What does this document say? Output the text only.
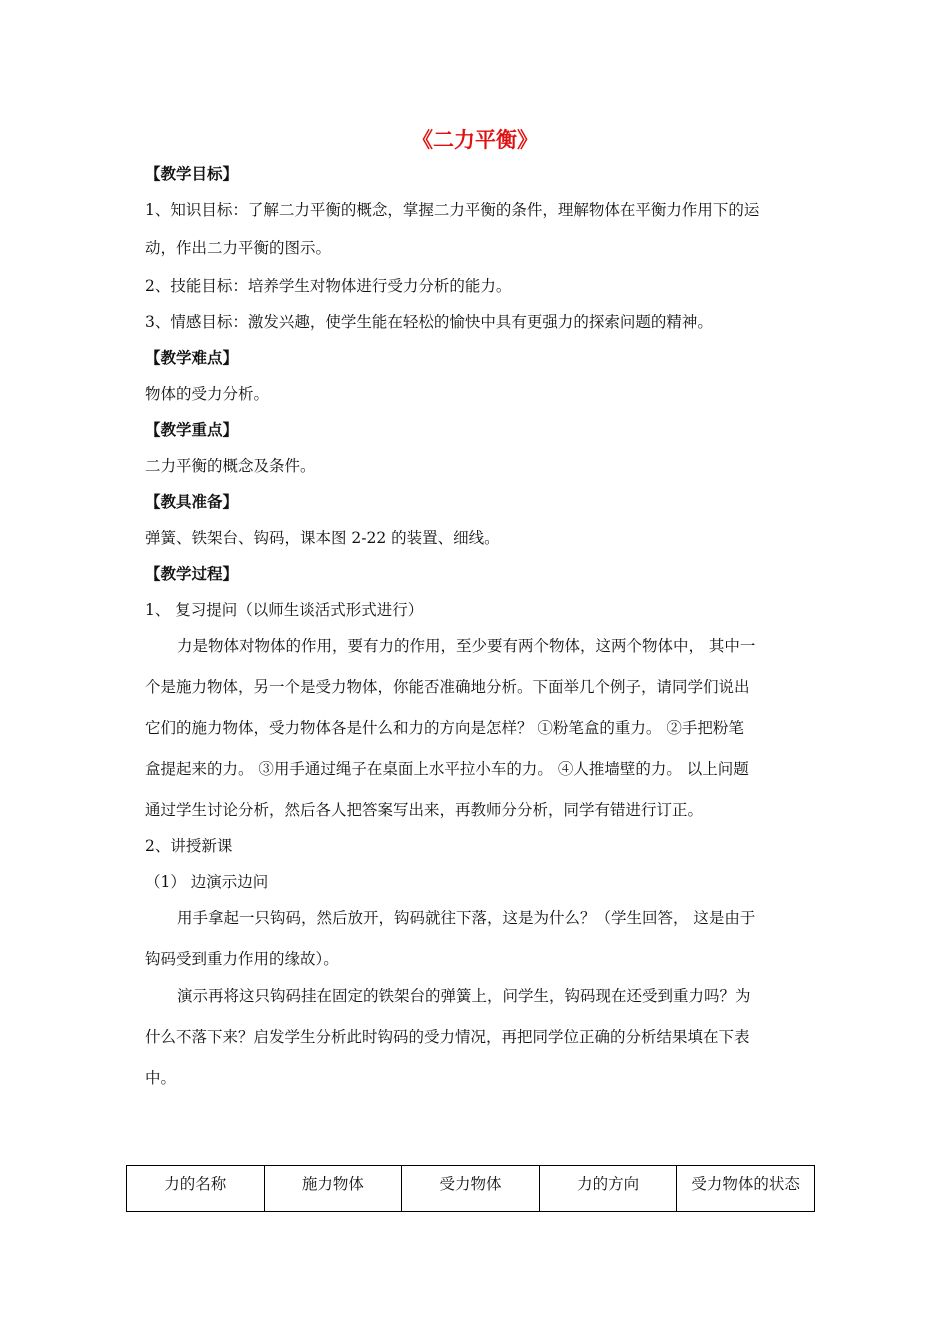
《二力平衡》
【教学目标】
1、知识目标：了解二力平衡的概念，掌握二力平衡的条件，理解物体在平衡力作用下的运
动，作出二力平衡的图示。
2、技能目标：培养学生对物体进行受力分析的能力。
3、情感目标：激发兴趣，使学生能在轻松的愉快中具有更强力的探索问题的精神。
【教学难点】
物体的受力分析。
【教学重点】
二力平衡的概念及条件。
【教具准备】
弹簧、铁架台、钩码，课本图 2-22 的装置、细线。
【教学过程】
1、 复习提问（以师生谈活式形式进行）
力是物体对物体的作用，要有力的作用，至少要有两个物体，这两个物体中， 其中一
个是施力物体，另一个是受力物体，你能否准确地分析。下面举几个例子，请同学们说出
它们的施力物体，受力物体各是什么和力的方向是怎样？ ①粉笔盒的重力。 ②手把粉笔
盒提起来的力。 ③用手通过绳子在桌面上水平拉小车的力。 ④人推墙壁的力。 以上问题
通过学生讨论分析，然后各人把答案写出来，再教师分分析，同学有错进行订正。
2、讲授新课
（1） 边演示边问
用手拿起一只钩码，然后放开，钩码就往下落，这是为什么？（学生回答， 这是由于
钩码受到重力作用的缘故）。
演示再将这只钩码挂在固定的铁架台的弹簧上，问学生，钩码现在还受到重力吗？为
什么不落下来？启发学生分析此时钩码的受力情况，再把同学位正确的分析结果填在下表
中。
力的名称	施力物体	受力物体	力的方向	受力物体的状态
